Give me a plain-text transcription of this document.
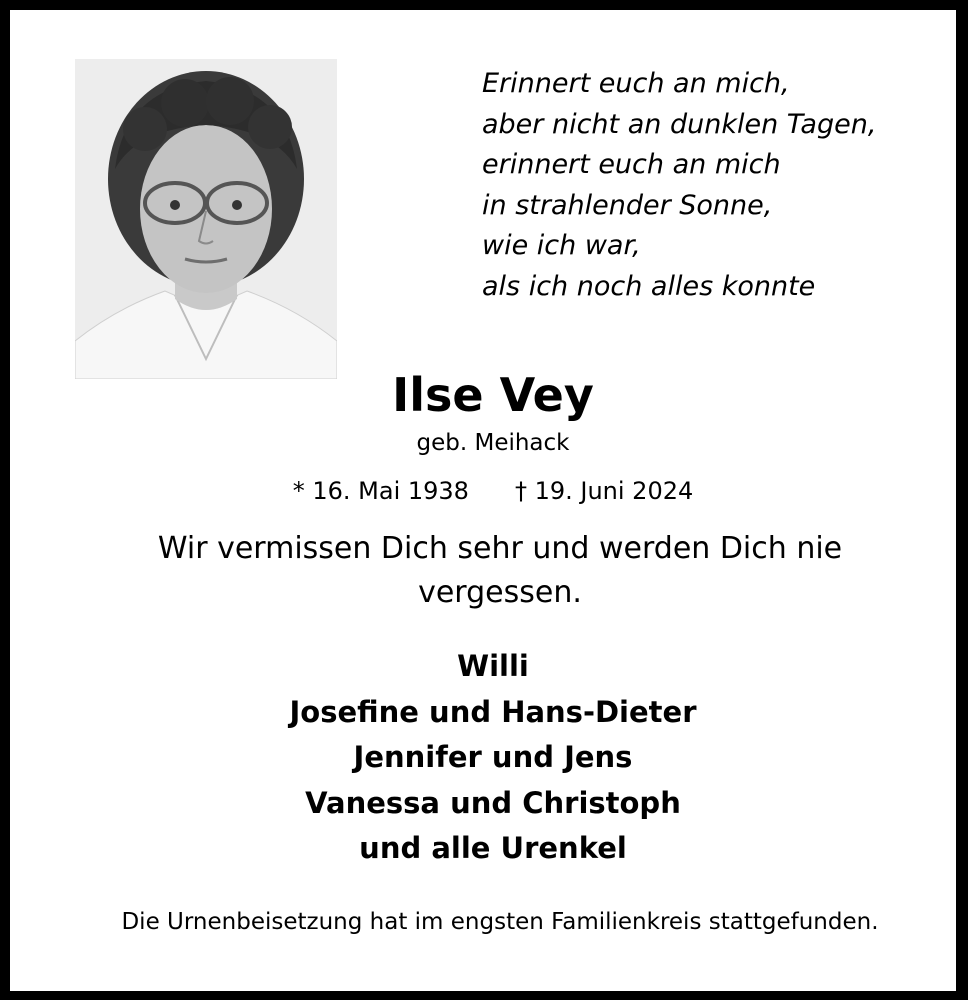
Erinnert euch an mich,
aber nicht an dunklen Tagen,
erinnert euch an mich
in strahlender Sonne,
wie ich war,
als ich noch alles konnte
Ilse Vey
geb. Meihack
* 16. Mai 1938 † 19. Juni 2024
Wir vermissen Dich sehr und werden Dich nie vergessen.
Willi
Josefine und Hans-Dieter
Jennifer und Jens
Vanessa und Christoph
und alle Urenkel
Die Urnenbeisetzung hat im engsten Familienkreis stattgefunden.
